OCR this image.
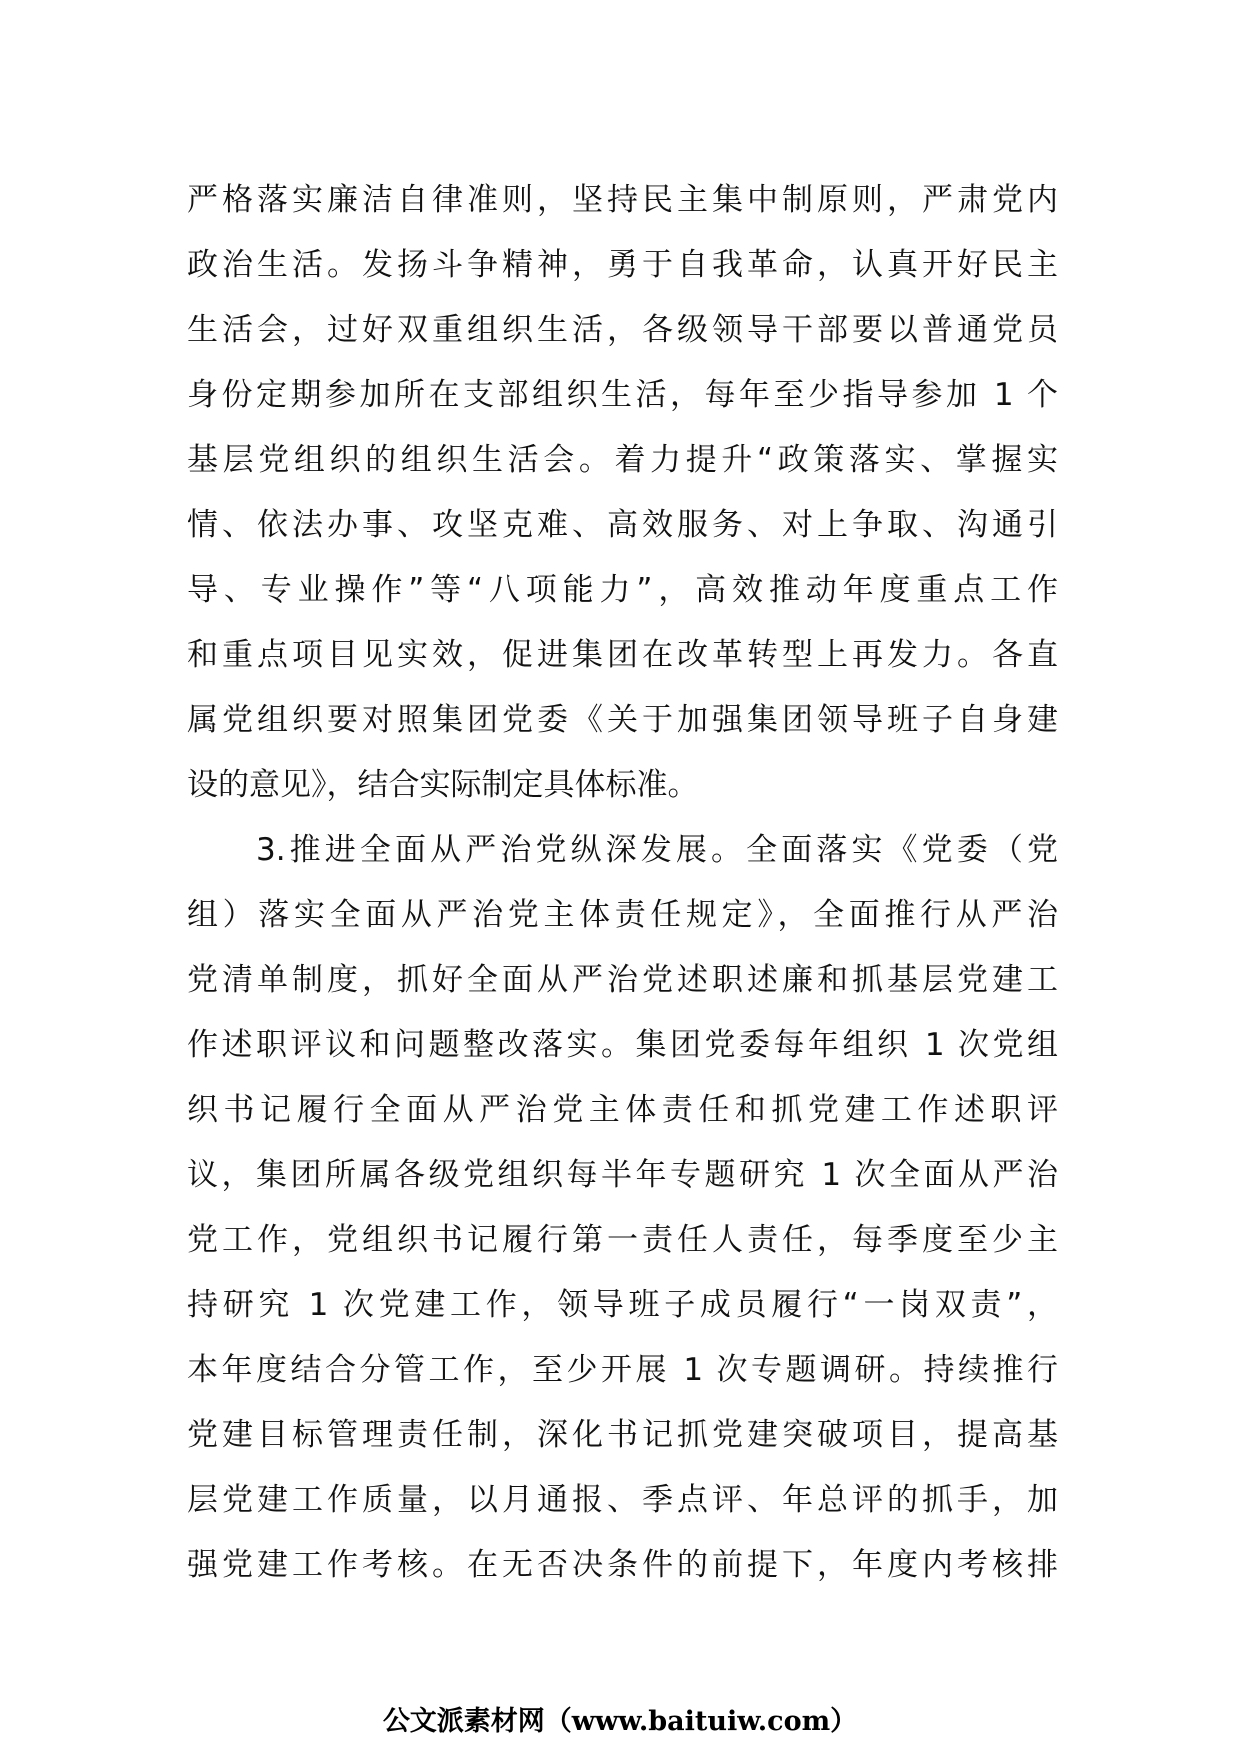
严格落实廉洁自律准则，坚持民主集中制原则，严肃党内
政治生活。发扬斗争精神，勇于自我革命，认真开好民主
生活会，过好双重组织生活，各级领导干部要以普通党员
身份定期参加所在支部组织生活，每年至少指导参加 1 个
基层党组织的组织生活会。着力提升“政策落实、掌握实
情、依法办事、攻坚克难、高效服务、对上争取、沟通引
导、专业操作”等“八项能力”，高效推动年度重点工作
和重点项目见实效，促进集团在改革转型上再发力。各直
属党组织要对照集团党委《关于加强集团领导班子自身建
设的意见》，结合实际制定具体标准。
3.推进全面从严治党纵深发展。全面落实《党委（党
组）落实全面从严治党主体责任规定》，全面推行从严治
党清单制度，抓好全面从严治党述职述廉和抓基层党建工
作述职评议和问题整改落实。集团党委每年组织 1 次党组
织书记履行全面从严治党主体责任和抓党建工作述职评
议，集团所属各级党组织每半年专题研究 1 次全面从严治
党工作，党组织书记履行第一责任人责任，每季度至少主
持研究 1 次党建工作，领导班子成员履行“一岗双责”，
本年度结合分管工作，至少开展 1 次专题调研。持续推行
党建目标管理责任制，深化书记抓党建突破项目，提高基
层党建工作质量，以月通报、季点评、年总评的抓手，加
强党建工作考核。在无否决条件的前提下，年度内考核排
公文派素材网（www.baituiw.com）
